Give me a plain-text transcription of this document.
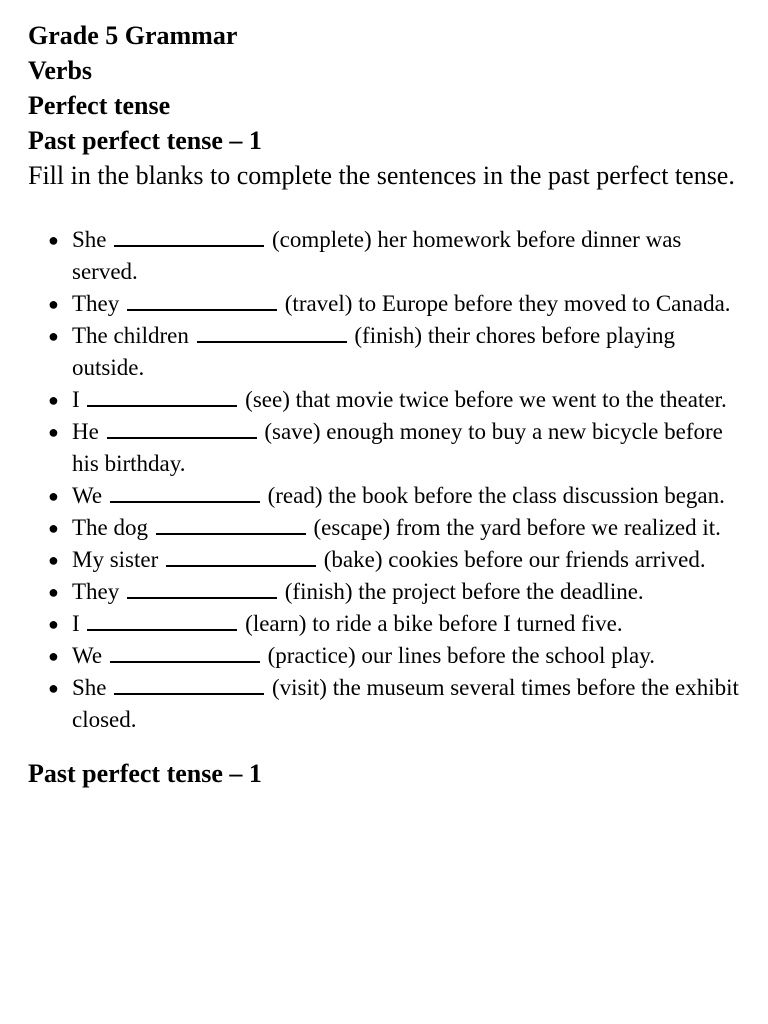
Grade 5 Grammar

Verbs

Perfect tense

Past perfect tense – 1

Fill in the blanks to complete the sentences in the past perfect tense.

● She	(complete) her homework before dinner was served.
● They	(travel) to Europe before they moved to Canada.
● The children	(finish) their chores before playing outside.
● I	(see) that movie twice before we went to the theater.
● He	(save) enough money to buy a new bicycle before his birthday.
● We	(read) the book before the class discussion began.
● The dog	(escape) from the yard before we realized it.
● My sister	(bake) cookies before our friends arrived.
● They	(finish) the project before the deadline.
● I	(learn) to ride a bike before I turned five.
● We	(practice) our lines before the school play.
● She	(visit) the museum several times before the exhibit closed.

Past perfect tense – 1
